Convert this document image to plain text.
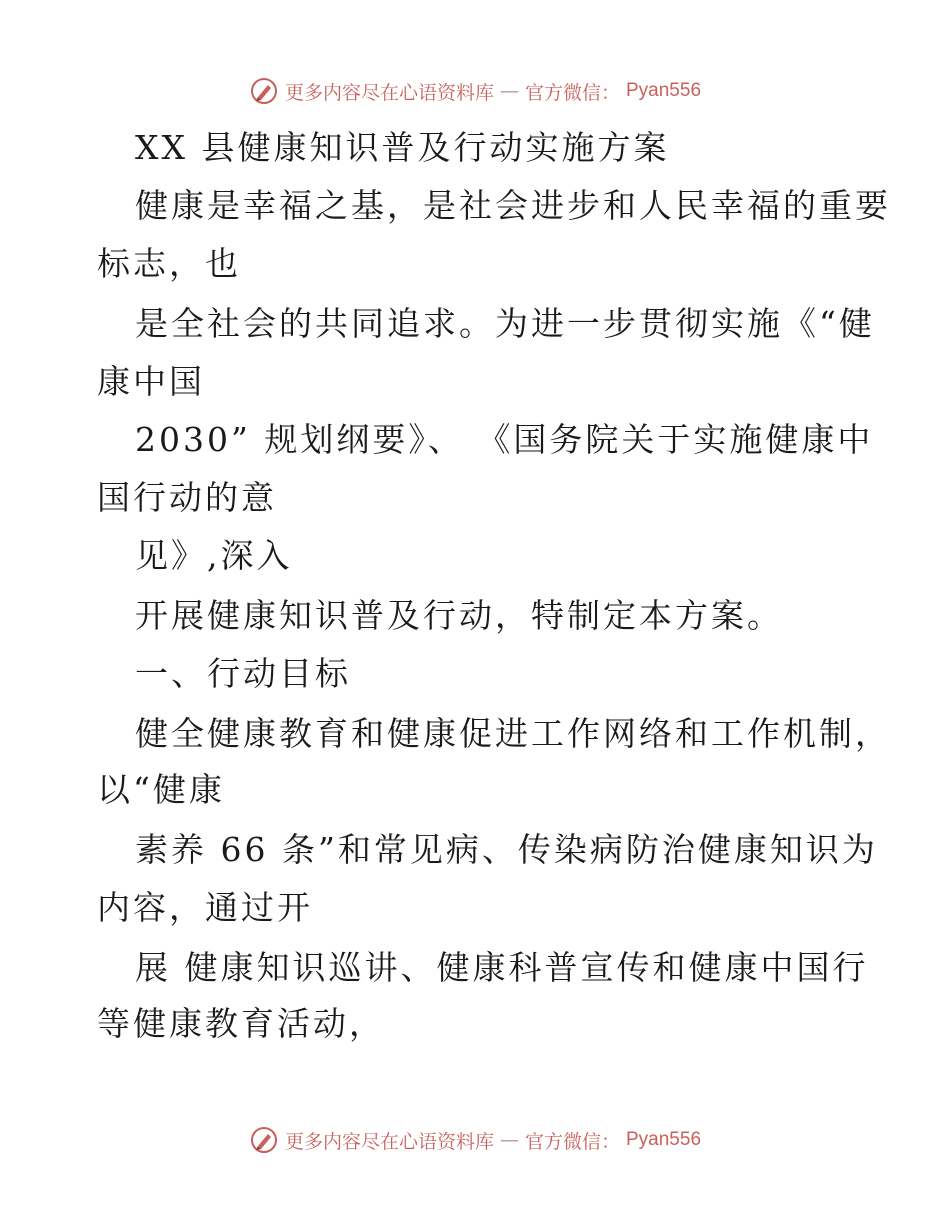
更多内容尽在心语资料库 — 官方微信： Pyan556
XX 县健康知识普及行动实施方案
健康是幸福之基，是社会进步和人民幸福的重要
标志，也
是全社会的共同追求。为进一步贯彻实施《“健
康中国
2030” 规划纲要》、 《国务院关于实施健康中
国行动的意
见》,深入
开展健康知识普及行动，特制定本方案。
一、行动目标
健全健康教育和健康促进工作网络和工作机制，
以“健康
素养 66 条”和常见病、传染病防治健康知识为
内容，通过开
展 健康知识巡讲、健康科普宣传和健康中国行
等健康教育活动，
更多内容尽在心语资料库 — 官方微信： Pyan556
